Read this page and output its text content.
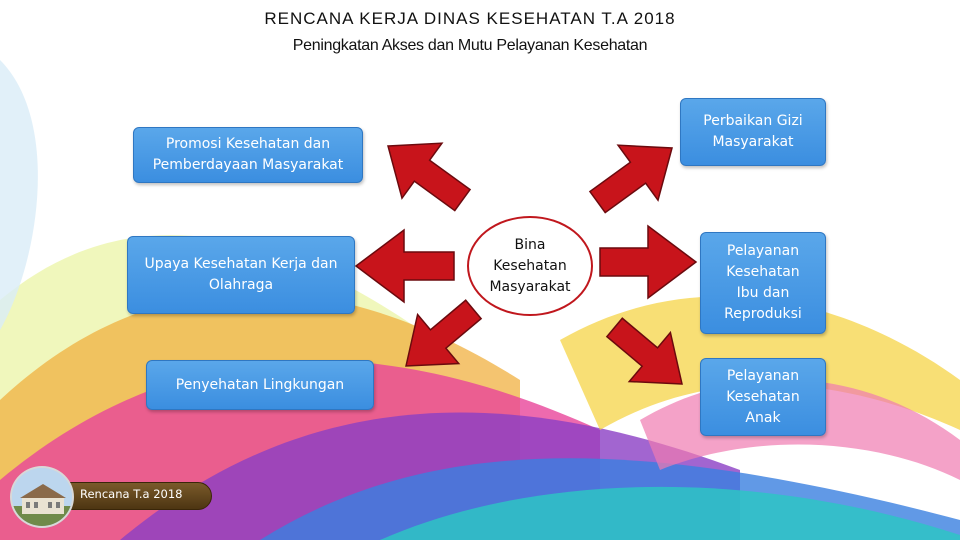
RENCANA KERJA DINAS KESEHATAN T.A 2018
Peningkatan Akses dan Mutu Pelayanan Kesehatan
Promosi Kesehatan dan
Pemberdayaan Masyarakat
Perbaikan Gizi
Masyarakat
Upaya Kesehatan Kerja dan
Olahraga
Pelayanan
Kesehatan
Ibu dan
Reproduksi
Penyehatan Lingkungan
Pelayanan
Kesehatan
Anak
Bina
Kesehatan
Masyarakat
Rencana T.a 2018
